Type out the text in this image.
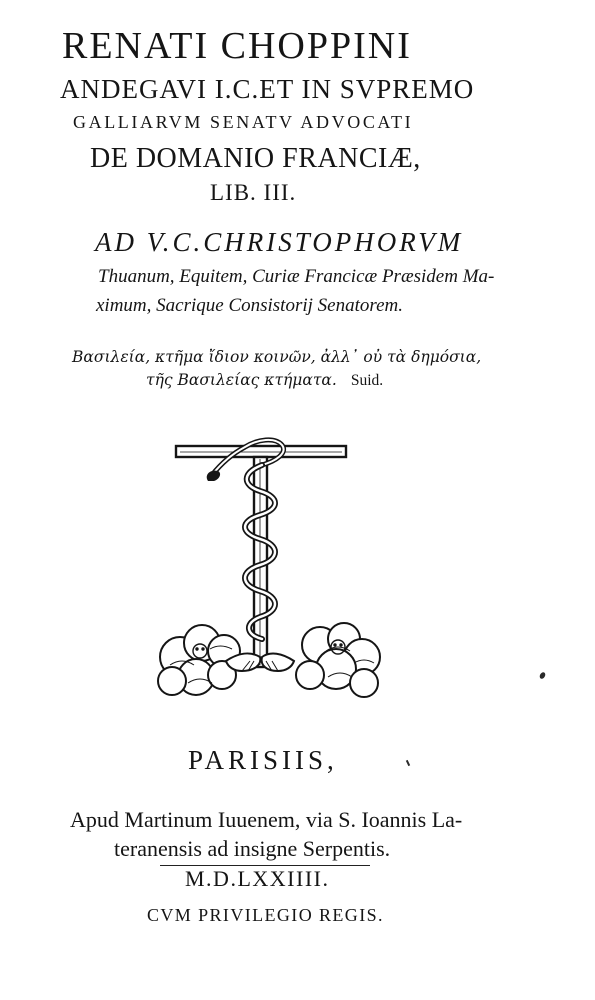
RENATI CHOPPINI
ANDEGAVI I.C.ET IN SVPREMO
GALLIARVM SENATV ADVOCATI
DE DOMANIO FRANCIÆ,
LIB. III.
AD V.C.CHRISTOPHORVM
Thuanum, Equitem, Curiæ Francicæ Præsidem Ma-
ximum, Sacrique Consistorij Senatorem.
Βασιλεία, κτῆμα ἴδιον κοινῶν, ἀλλ᾽ οὐ τὰ δημόσια,
τῆς Βασιλείας κτήματα. Suid.
PARISIIS,
Apud Martinum Iuuenem, via S. Ioannis La-
teranensis ad insigne Serpentis.
M.D.LXXIIII.
CVM PRIVILEGIO REGIS.
